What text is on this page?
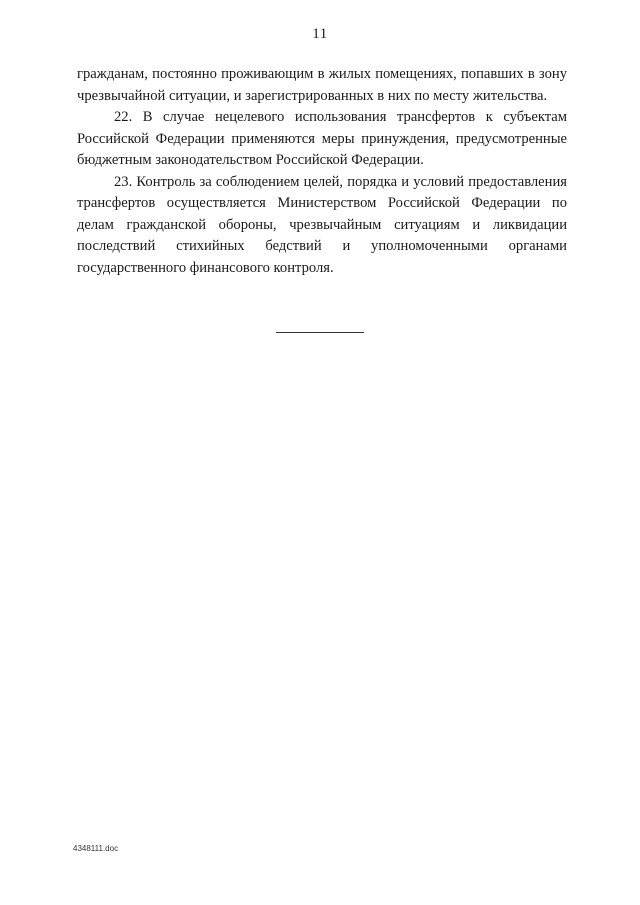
11

гражданам, постоянно проживающим в жилых помещениях, попавших в зону чрезвычайной ситуации, и зарегистрированных в них по месту жительства.

22. В случае нецелевого использования трансфертов к субъектам Российской Федерации применяются меры принуждения, предусмотренные бюджетным законодательством Российской Федерации.

23. Контроль за соблюдением целей, порядка и условий предоставления трансфертов осуществляется Министерством Российской Федерации по делам гражданской обороны, чрезвычайным ситуациям и ликвидации последствий стихийных бедствий и уполномоченными органами государственного финансового контроля.

4348111.doc
